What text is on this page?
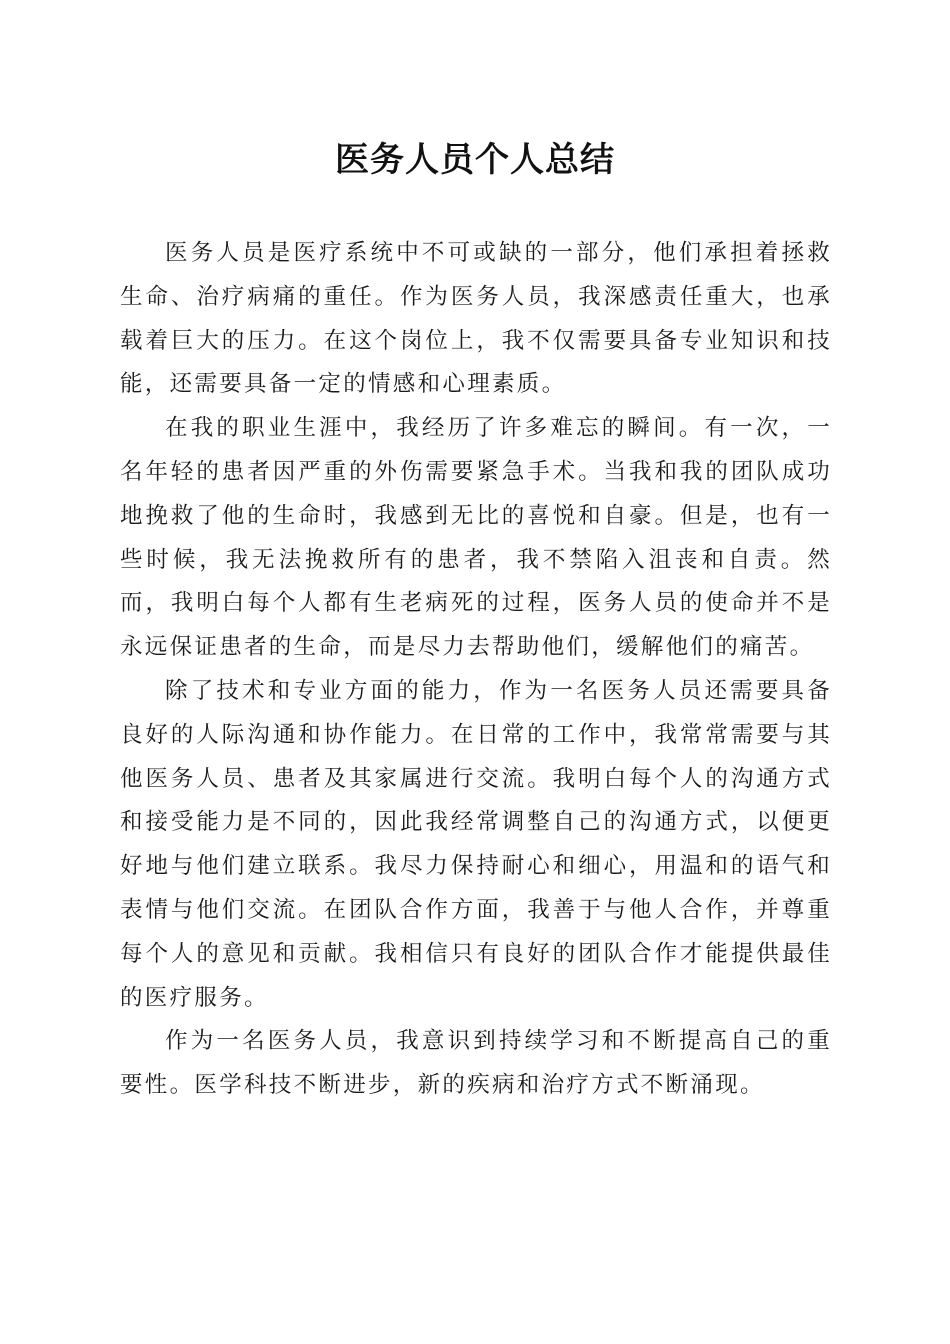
医务人员个人总结

医务人员是医疗系统中不可或缺的一部分，他们承担着拯救生命、治疗病痛的重任。作为医务人员，我深感责任重大，也承载着巨大的压力。在这个岗位上，我不仅需要具备专业知识和技能，还需要具备一定的情感和心理素质。

在我的职业生涯中，我经历了许多难忘的瞬间。有一次，一名年轻的患者因严重的外伤需要紧急手术。当我和我的团队成功地挽救了他的生命时，我感到无比的喜悦和自豪。但是，也有一些时候，我无法挽救所有的患者，我不禁陷入沮丧和自责。然而，我明白每个人都有生老病死的过程，医务人员的使命并不是永远保证患者的生命，而是尽力去帮助他们，缓解他们的痛苦。

除了技术和专业方面的能力，作为一名医务人员还需要具备良好的人际沟通和协作能力。在日常的工作中，我常常需要与其他医务人员、患者及其家属进行交流。我明白每个人的沟通方式和接受能力是不同的，因此我经常调整自己的沟通方式，以便更好地与他们建立联系。我尽力保持耐心和细心，用温和的语气和表情与他们交流。在团队合作方面，我善于与他人合作，并尊重每个人的意见和贡献。我相信只有良好的团队合作才能提供最佳的医疗服务。

作为一名医务人员，我意识到持续学习和不断提高自己的重要性。医学科技不断进步，新的疾病和治疗方式不断涌现。
